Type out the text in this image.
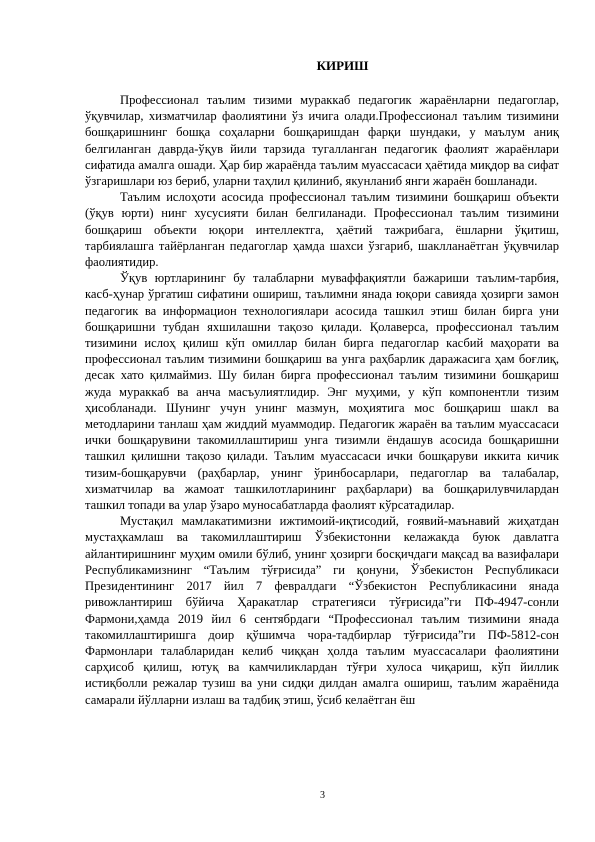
КИРИШ

Профессионал таълим тизими мураккаб педагогик жараёнларни педагоглар, ўқувчилар, хизматчилар фаолиятини ўз ичига олади.Профессионал таълим тизимини бошқаришнинг бошқа соҳаларни бошқаришдан фарқи шундаки, у маълум аниқ белгиланган даврда-ўқув йили тарзида тугалланган педагогик фаолият жараёнлари сифатида амалга ошади. Ҳар бир жараёнда таълим муассасаси ҳаётида миқдор ва сифат ўзгаришлари юз бериб, уларни таҳлил қилиниб, якунланиб янги жараён бошланади.

Таълим ислоҳоти асосида профессионал таълим тизимини бошқариш объекти (ўқув юрти) нинг хусусияти билан белгиланади. Профессионал таълим тизимини бошқариш объекти юқори интеллектга, ҳаётий тажрибага, ёшларни ўқитиш, тарбиялашга тайёрланган педагоглар ҳамда шахси ўзгариб, шаклланаётган ўқувчилар фаолиятидир.

Ўқув юртларининг бу талабларни муваффақиятли бажариши таълим-тарбия, касб-ҳунар ўргатиш сифатини ошириш, таълимни янада юқори савияда ҳозирги замон педагогик ва информацион технологиялари асосида ташкил этиш билан бирга уни бошқаришни тубдан яхшилашни тақозо қилади. Қолаверса, профессионал таълим тизимини ислоҳ қилиш кўп омиллар билан бирга педагоглар касбий маҳорати ва профессионал таълим тизимини бошқариш ва унга раҳбарлик даражасига ҳам боғлиқ, десак хато қилмаймиз. Шу билан бирга профессионал таълим тизимини бошқариш жуда мураккаб ва анча масъулиятлидир. Энг муҳими, у кўп компонентли тизим ҳисобланади. Шунинг учун унинг мазмун, моҳиятига мос бошқариш шакл ва методларини танлаш ҳам жиддий муаммодир. Педагогик жараён ва таълим муассасаси ички бошқарувини такомиллаштириш унга тизимли ёндашув асосида бошқаришни ташкил қилишни тақозо қилади. Таълим муассасаси ички бошқаруви иккита кичик тизим-бошқарувчи (раҳбарлар, унинг ўринбосарлари, педагоглар ва талабалар, хизматчилар ва жамоат ташкилотларининг раҳбарлари) ва бошқарилувчилардан ташкил топади ва улар ўзаро муносабатларда фаолият кўрсатадилар.

Мустақил мамлакатимизни ижтимоий-иқтисодий, ғоявий-маънавий жиҳатдан мустаҳкамлаш ва такомиллаштириш Ўзбекистонни келажакда буюк давлатга айлантиришнинг муҳим омили бўлиб, унинг ҳозирги босқичдаги мақсад ва вазифалари Республикамизнинг “Таълим тўғрисида” ги қонуни, Ўзбекистон Республикаси Президентининг 2017 йил 7 февралдаги “Ўзбекистон Республикасини янада ривожлантириш бўйича Ҳаракатлар стратегияси тўғрисида”ги ПФ-4947-сонли Фармони,ҳамда 2019 йил 6 сентябрдаги “Профессионал таълим тизимини янада такомиллаштиришга доир қўшимча чора-тадбирлар тўғрисида”ги ПФ-5812-сон Фармонлари талабларидан келиб чиққан ҳолда таълим муассасалари фаолиятини сарҳисоб қилиш, ютуқ ва камчиликлардан тўғри хулоса чиқариш, кўп йиллик истиқболли режалар тузиш ва уни сидқи дилдан амалга ошириш, таълим жараёнида самарали йўлларни излаш ва тадбиқ этиш, ўсиб келаётган ёш

3
